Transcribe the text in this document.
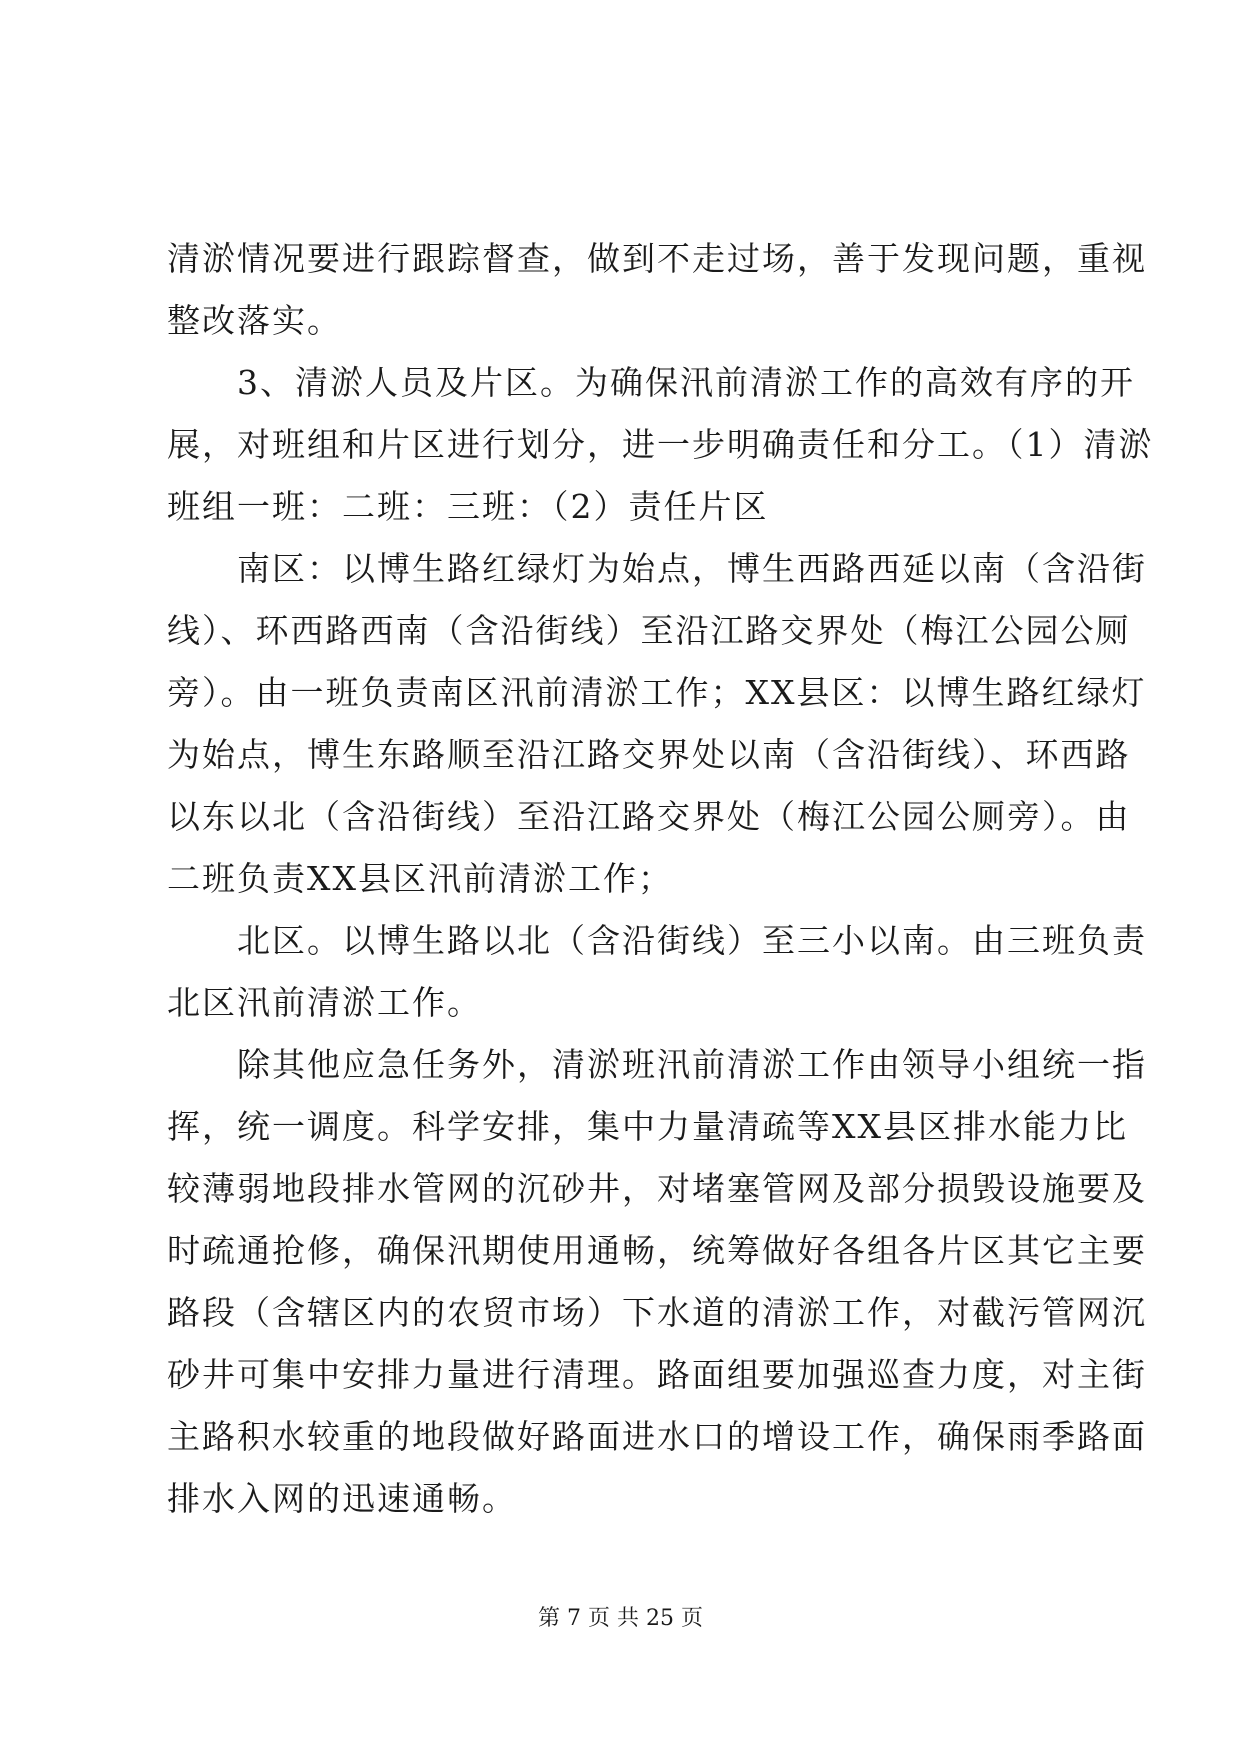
清淤情况要进行跟踪督查，做到不走过场，善于发现问题，重视
整改落实。
　　3、清淤人员及片区。为确保汛前清淤工作的高效有序的开
展，对班组和片区进行划分，进一步明确责任和分工。（1）清淤
班组一班：二班：三班：（2）责任片区
　　南区：以博生路红绿灯为始点，博生西路西延以南（含沿街
线）、环西路西南（含沿街线）至沿江路交界处（梅江公园公厕
旁）。由一班负责南区汛前清淤工作；XX县区：以博生路红绿灯
为始点，博生东路顺至沿江路交界处以南（含沿街线）、环西路
以东以北（含沿街线）至沿江路交界处（梅江公园公厕旁）。由
二班负责XX县区汛前清淤工作；
　　北区。以博生路以北（含沿街线）至三小以南。由三班负责
北区汛前清淤工作。
　　除其他应急任务外，清淤班汛前清淤工作由领导小组统一指
挥，统一调度。科学安排，集中力量清疏等XX县区排水能力比
较薄弱地段排水管网的沉砂井，对堵塞管网及部分损毁设施要及
时疏通抢修，确保汛期使用通畅，统筹做好各组各片区其它主要
路段（含辖区内的农贸市场）下水道的清淤工作，对截污管网沉
砂井可集中安排力量进行清理。路面组要加强巡查力度，对主街
主路积水较重的地段做好路面进水口的增设工作，确保雨季路面
排水入网的迅速通畅。
第 7 页 共 25 页
